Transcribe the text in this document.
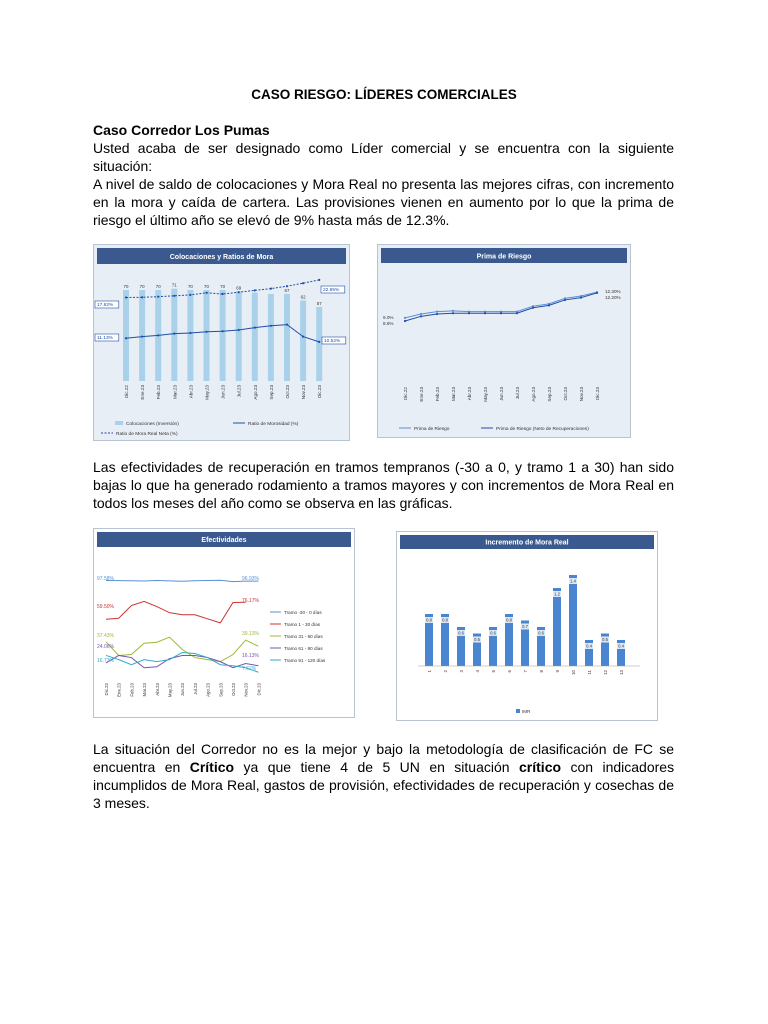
CASO RIESGO: LÍDERES COMERCIALES
Caso Corredor Los Pumas

Usted acaba de ser designado como Líder comercial y se encuentra con la siguiente situación:
A nivel de saldo de colocaciones y Mora Real no presenta las mejores cifras, con incremento en la mora y caída de cartera. Las provisiones vienen en aumento por lo que la prima de riesgo el último año se elevó de 9% hasta más de 12.3%.

Colocaciones y Ratios de Mora
70	70	70	71	70	70	70	69
67
62
57
17.92%
11.13%
22.85%
10.52%
Dic.22 Ene.23 Feb.23 Mar.23 Abr.23 May.23 Jun.23 Jul.23 Ago.23 Sep.23 Oct.23 Nov.23 Dic.23
Colocaciones (Inversión)	Ratio de Morosidad (%)
Ratio de Mora Real Neta (%)
Prima de Riesgo
9.0%
8.6%
12.30%
12.20%
Dic.22 Ene.23 Feb.23 Mar.23 Abr.23 May.23 Jun.23 Jul.23 Ago.23 Sep.23 Oct.23 Nov.23 Dic.23
Prima de Riesgo	Prima de Riesgo (Neto de Recuperaciones)

Las efectividades de recuperación en tramos tempranos (-30 a 0, y tramo 1 a 30) han sido bajas lo que ha generado rodamiento a tramos mayores y con incrementos de Mora Real en todos los meses del año como se observa en las gráficas.

Efectividades
97.58%
59.50%
37.43%
24.06%
16.73%
96.93%
76.17%
39.13%
16.13%
7.62%
Tramo -30 - 0 días
Tramo 1 - 30 días
Tramo 31 - 60 días
Tramo 61 - 90 días
Tramo 91 - 120 días
Dic.22 Ene.23 Feb.23 Mar.23 Abr.23 May.23 Jun.23 Jul.23 Ago.23 Sep.23 Oct.23 Nov.23 Dic.23
Incremento de Mora Real
0.8 0.8
0.6
0.5
0.6
0.8
0.7
0.6
1.2
1.4
0.4
0.5
0.4
1	2	3	4	5	6	7	8	9	10	11	12	13
IMR

La situación del Corredor no es la mejor y bajo la metodología de clasificación de FC se encuentra en Crítico ya que tiene 4 de 5 UN en situación crítico con indicadores incumplidos de Mora Real, gastos de provisión, efectividades de recuperación y cosechas de 3 meses.
